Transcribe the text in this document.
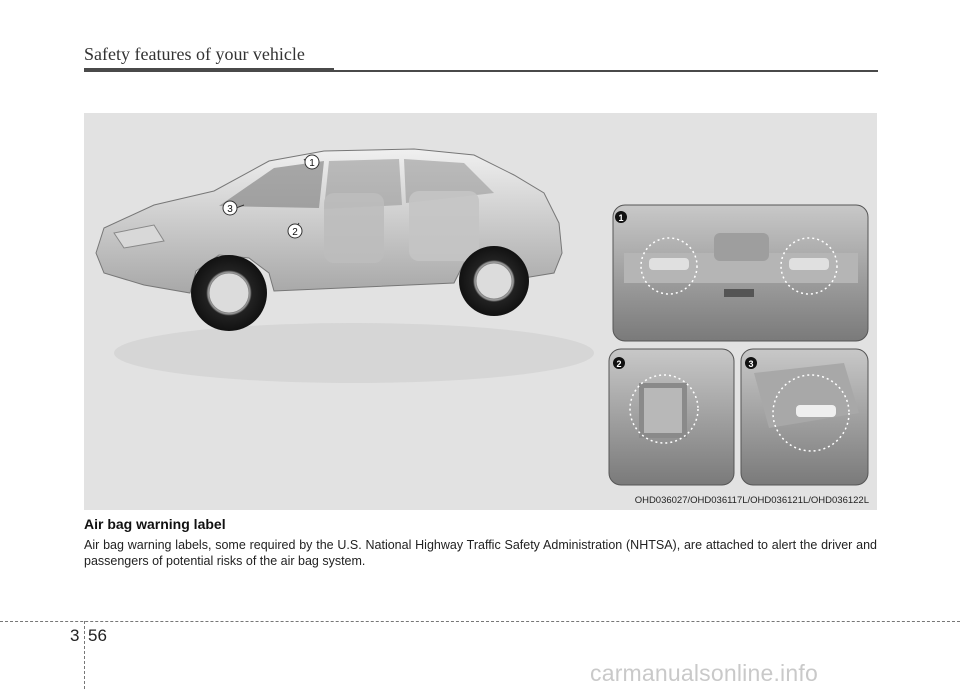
Safety features of your vehicle
1
3
2
1
2	3
OHD036027/OHD036117L/OHD036121L/OHD036122L
Air bag warning label
Air bag warning labels, some required by the U.S. National Highway Traffic Safety Administration (NHTSA), are attached to alert the driver and passengers of potential risks of the air bag system.
3 56
carmanualsonline.info
